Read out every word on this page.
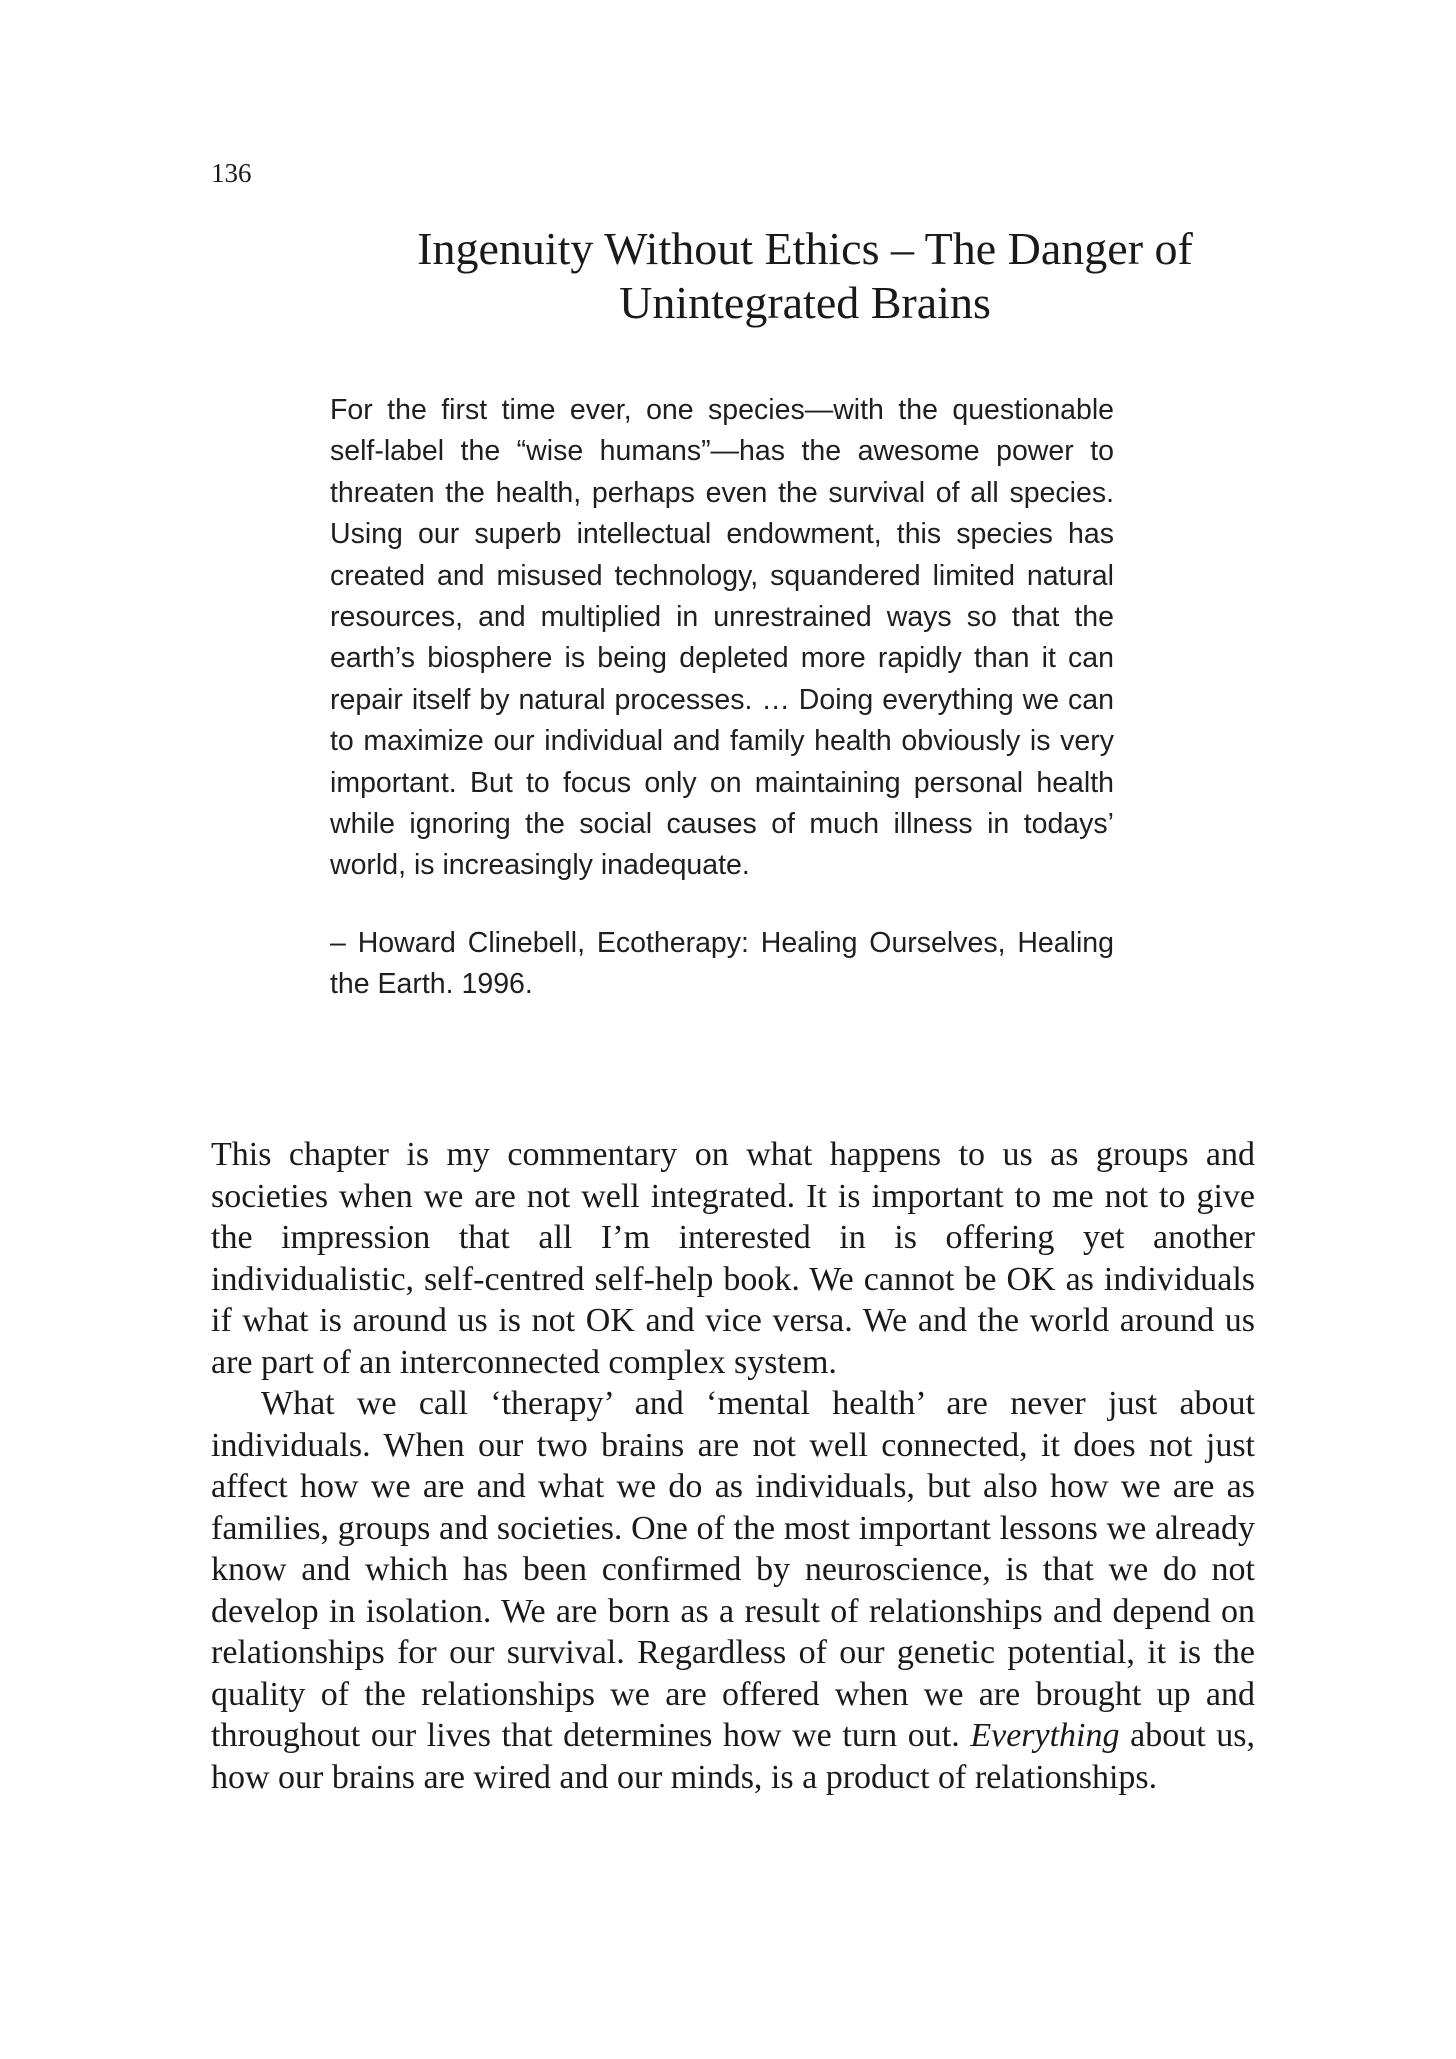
136
Ingenuity Without Ethics – The Danger of
Unintegrated Brains

For the first time ever, one species—with the questionable self-label the “wise humans”—has the awesome power to threaten the health, perhaps even the survival of all species. Using our superb intellectual endowment, this species has created and misused technology, squandered limited natural resources, and multiplied in unrestrained ways so that the earth’s biosphere is being depleted more rapidly than it can repair itself by natural processes. … Doing everything we can to maximize our individual and family health obviously is very important. But to focus only on maintaining personal health while ignoring the social causes of much illness in todays’ world, is increasingly inadequate.

– Howard Clinebell, Ecotherapy: Healing Ourselves, Healing the Earth. 1996.

This chapter is my commentary on what happens to us as groups and societies when we are not well integrated. It is important to me not to give the impression that all I’m interested in is offering yet another individualistic, self-centred self-help book. We cannot be OK as individuals if what is around us is not OK and vice versa. We and the world around us are part of an interconnected complex system.

What we call ‘therapy’ and ‘mental health’ are never just about individuals. When our two brains are not well connected, it does not just affect how we are and what we do as individuals, but also how we are as families, groups and societies. One of the most important lessons we already know and which has been confirmed by neuroscience, is that we do not develop in isolation. We are born as a result of relationships and depend on relationships for our survival. Regardless of our genetic potential, it is the quality of the relationships we are offered when we are brought up and throughout our lives that determines how we turn out. Everything about us, how our brains are wired and our minds, is a product of relationships.
